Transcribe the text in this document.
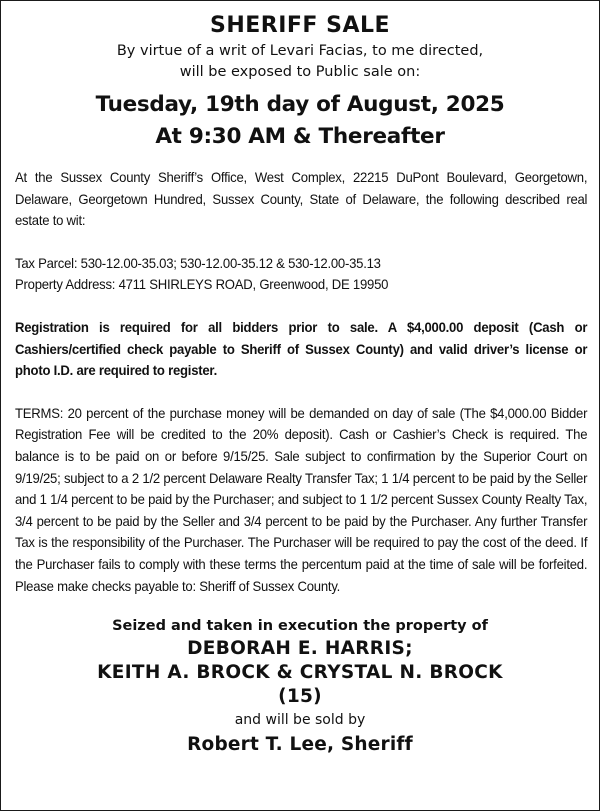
SHERIFF SALE
By virtue of a writ of Levari Facias, to me directed,
will be exposed to Public sale on:
Tuesday, 19th day of August, 2025
At 9:30 AM & Thereafter

At the Sussex County Sheriff’s Office, West Complex, 22215 DuPont Boulevard, Georgetown, Delaware, Georgetown Hundred, Sussex County, State of Delaware, the following described real estate to wit:

Tax Parcel: 530-12.00-35.03; 530-12.00-35.12 & 530-12.00-35.13

Property Address: 4711 SHIRLEYS ROAD, Greenwood, DE 19950

Registration is required for all bidders prior to sale. A $4,000.00 deposit (Cash or Cashiers/certified check payable to Sheriff of Sussex County) and valid driver’s license or photo I.D. are required to register.

TERMS: 20 percent of the purchase money will be demanded on day of sale (The $4,000.00 Bidder Registration Fee will be credited to the 20% deposit). Cash or Cashier’s Check is required. The balance is to be paid on or before 9/15/25. Sale subject to confirmation by the Superior Court on 9/19/25; subject to a 2 1/2 percent Delaware Realty Transfer Tax; 1 1/4 percent to be paid by the Seller and 1 1/4 percent to be paid by the Purchaser; and subject to 1 1/2 percent Sussex County Realty Tax, 3/4 percent to be paid by the Seller and 3/4 percent to be paid by the Purchaser. Any further Transfer Tax is the responsibility of the Purchaser. The Purchaser will be required to pay the cost of the deed. If the Purchaser fails to comply with these terms the percentum paid at the time of sale will be forfeited. Please make checks payable to: Sheriff of Sussex County.

Seized and taken in execution the property of
DEBORAH E. HARRIS;
KEITH A. BROCK & CRYSTAL N. BROCK
(15)
and will be sold by
Robert T. Lee, Sheriff
